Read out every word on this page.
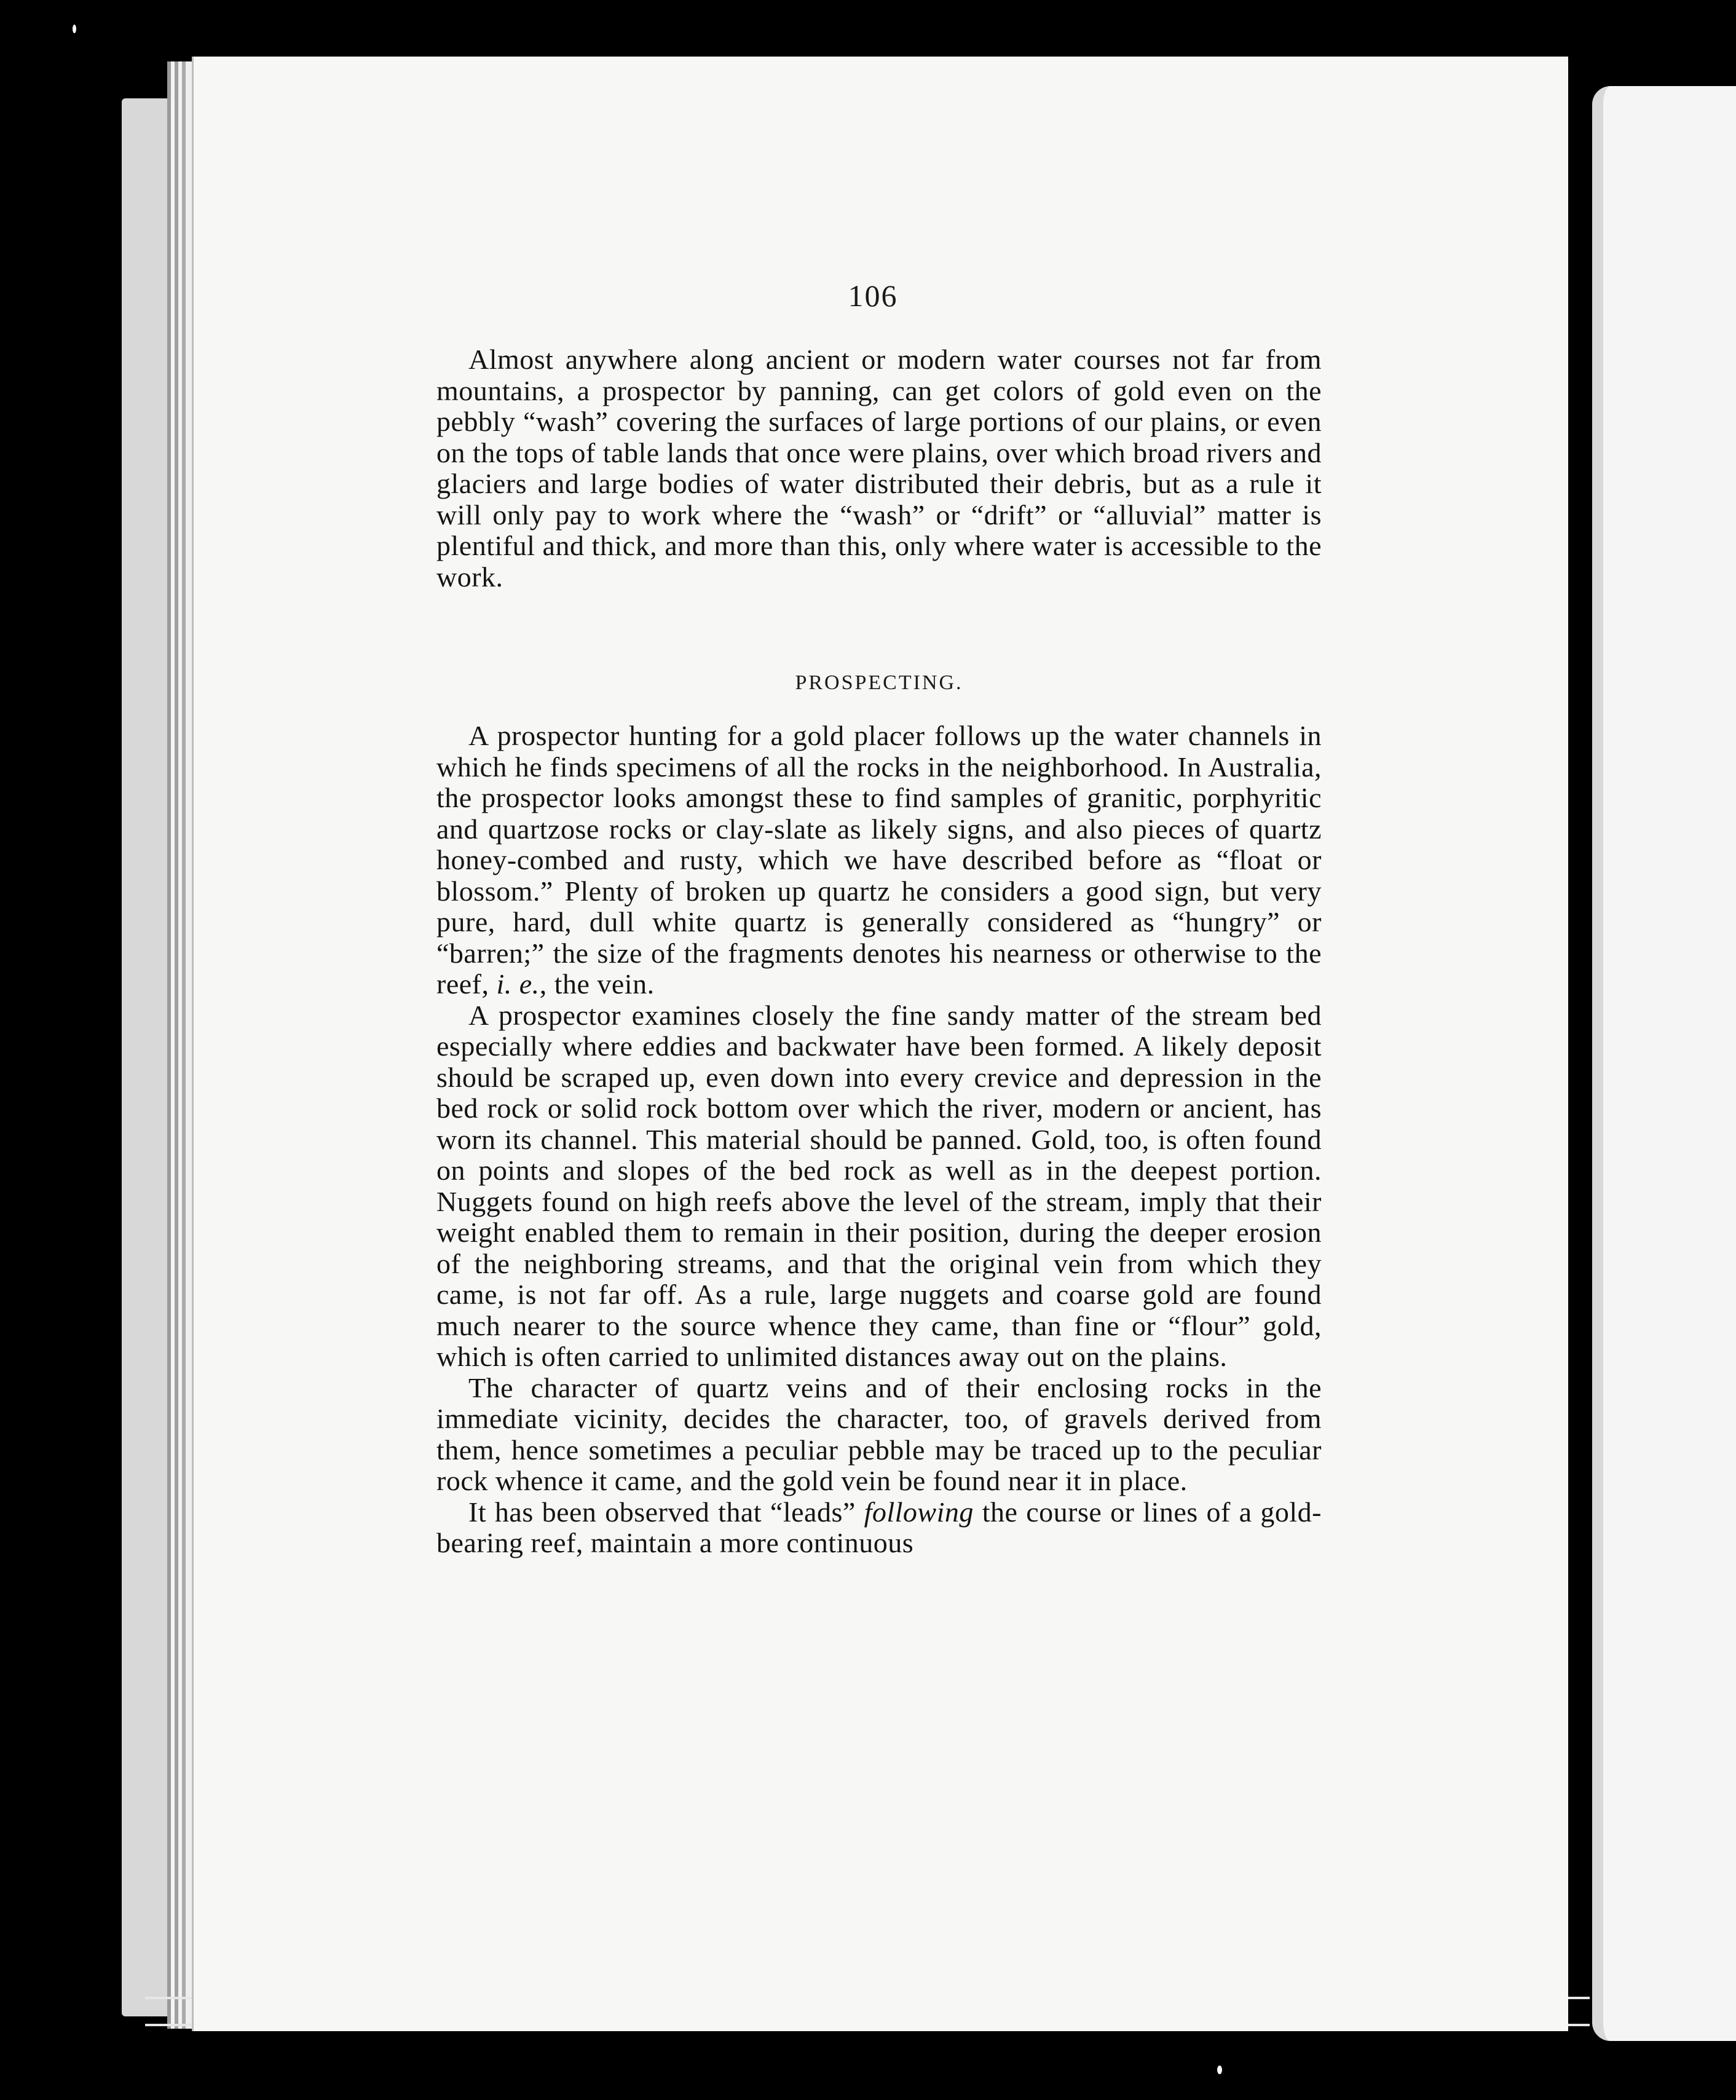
106

Almost anywhere along ancient or modern water courses not far from mountains, a prospector by panning, can get colors of gold even on the pebbly “wash” covering the surfaces of large portions of our plains, or even on the tops of table lands that once were plains, over which broad rivers and glaciers and large bodies of water distributed their debris, but as a rule it will only pay to work where the “wash” or “drift” or “alluvial” matter is plentiful and thick, and more than this, only where water is accessible to the work.

PROSPECTING.

A prospector hunting for a gold placer follows up the water channels in which he finds specimens of all the rocks in the neighborhood. In Australia, the prospector looks amongst these to find samples of granitic, porphyritic and quartzose rocks or clay-slate as likely signs, and also pieces of quartz honey-combed and rusty, which we have described before as “float or blossom.” Plenty of broken up quartz he considers a good sign, but very pure, hard, dull white quartz is generally considered as “hungry” or “barren;” the size of the fragments denotes his nearness or otherwise to the reef, i. e., the vein.

A prospector examines closely the fine sandy matter of the stream bed especially where eddies and backwater have been formed. A likely deposit should be scraped up, even down into every crevice and depression in the bed rock or solid rock bottom over which the river, modern or ancient, has worn its channel. This material should be panned. Gold, too, is often found on points and slopes of the bed rock as well as in the deepest portion. Nuggets found on high reefs above the level of the stream, imply that their weight enabled them to remain in their position, during the deeper erosion of the neighboring streams, and that the original vein from which they came, is not far off. As a rule, large nuggets and coarse gold are found much nearer to the source whence they came, than fine or “flour” gold, which is often carried to unlimited distances away out on the plains.

The character of quartz veins and of their enclosing rocks in the immediate vicinity, decides the character, too, of gravels derived from them, hence sometimes a peculiar pebble may be traced up to the peculiar rock whence it came, and the gold vein be found near it in place.

It has been observed that “leads” following the course or lines of a gold-bearing reef, maintain a more continuous
